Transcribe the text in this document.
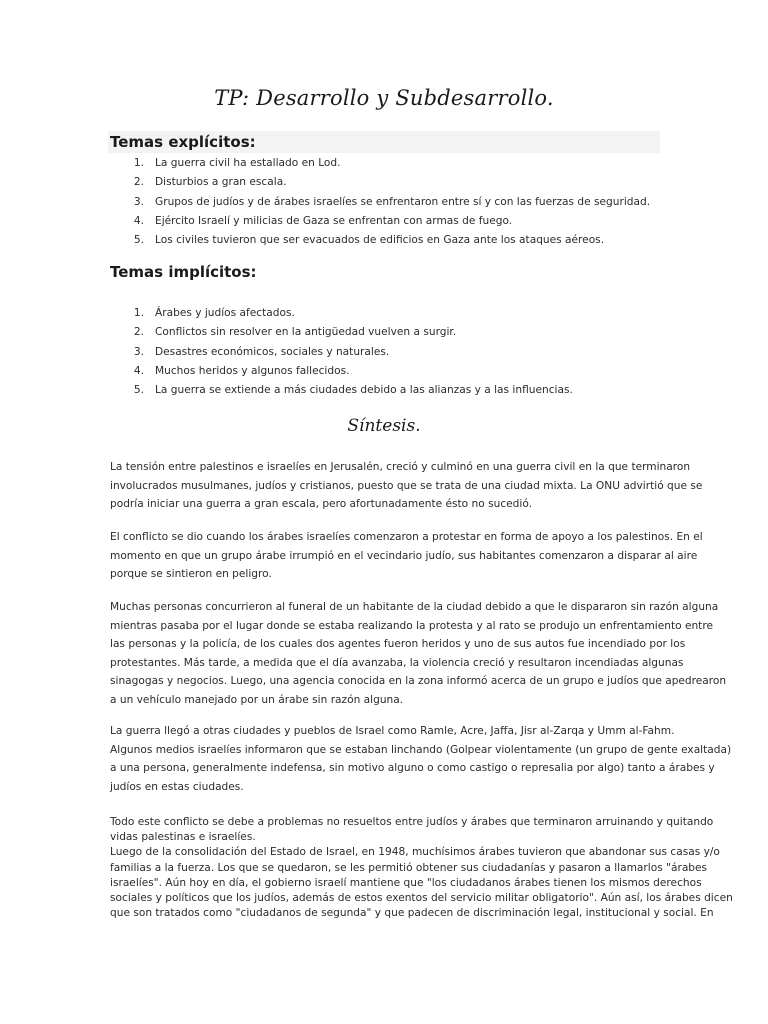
TP: Desarrollo y Subdesarrollo.
Temas explícitos:
1. La guerra civil ha estallado en Lod.
2. Disturbios a gran escala.
3. Grupos de judíos y de árabes israelíes se enfrentaron entre sí y con las fuerzas de seguridad.
4. Ejército Israelí y milicias de Gaza se enfrentan con armas de fuego.
5. Los civiles tuvieron que ser evacuados de edificios en Gaza ante los ataques aéreos.
Temas implícitos:
1. Árabes y judíos afectados.
2. Conflictos sin resolver en la antigüedad vuelven a surgir.
3. Desastres económicos, sociales y naturales.
4. Muchos heridos y algunos fallecidos.
5. La guerra se extiende a más ciudades debido a las alianzas y a las influencias.
Síntesis.

La tensión entre palestinos e israelíes en Jerusalén, creció y culminó en una guerra civil en la que terminaron
involucrados musulmanes, judíos y cristianos, puesto que se trata de una ciudad mixta. La ONU advirtió que se
podría iniciar una guerra a gran escala, pero afortunadamente ésto no sucedió.

El conflicto se dio cuando los árabes israelíes comenzaron a protestar en forma de apoyo a los palestinos. En el
momento en que un grupo árabe irrumpió en el vecindario judío, sus habitantes comenzaron a disparar al aire
porque se sintieron en peligro.

Muchas personas concurrieron al funeral de un habitante de la ciudad debido a que le dispararon sin razón alguna
mientras pasaba por el lugar donde se estaba realizando la protesta y al rato se produjo un enfrentamiento entre
las personas y la policía, de los cuales dos agentes fueron heridos y uno de sus autos fue incendiado por los
protestantes. Más tarde, a medida que el día avanzaba, la violencia creció y resultaron incendiadas algunas
sinagogas y negocios. Luego, una agencia conocida en la zona informó acerca de un grupo e judíos que apedrearon
a un vehículo manejado por un árabe sin razón alguna.

La guerra llegó a otras ciudades y pueblos de Israel como Ramle, Acre, Jaffa, Jisr al-Zarqa y Umm al-Fahm.
Algunos medios israelíes informaron que se estaban linchando (Golpear violentamente (un grupo de gente exaltada)
a una persona, generalmente indefensa, sin motivo alguno o como castigo o represalia por algo) tanto a árabes y
judíos en estas ciudades.

Todo este conflicto se debe a problemas no resueltos entre judíos y árabes que terminaron arruinando y quitando
vidas palestinas e israelíes.
Luego de la consolidación del Estado de Israel, en 1948, muchísimos árabes tuvieron que abandonar sus casas y/o
familias a la fuerza. Los que se quedaron, se les permitió obtener sus ciudadanías y pasaron a llamarlos "árabes
israelíes". Aún hoy en día, el gobierno israelí mantiene que "los ciudadanos árabes tienen los mismos derechos
sociales y políticos que los judíos, además de estos exentos del servicio militar obligatorio". Aún así, los árabes dicen
que son tratados como "ciudadanos de segunda" y que padecen de discriminación legal, institucional y social. En
